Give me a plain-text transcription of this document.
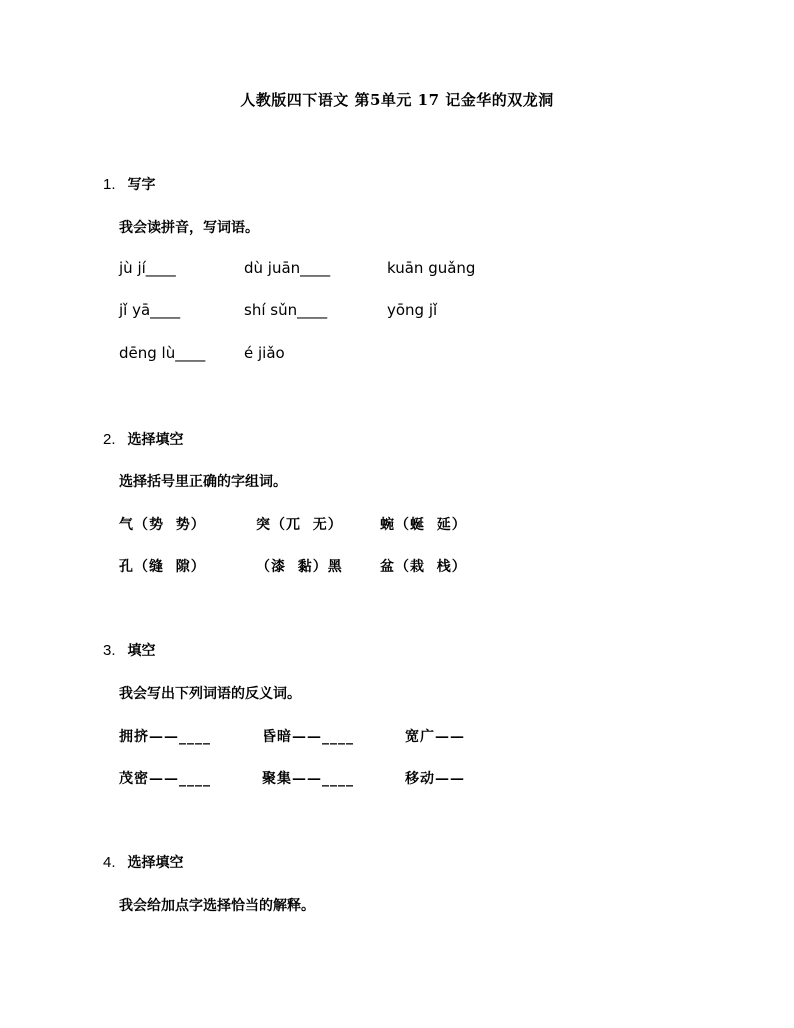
人教版四下语文 第5单元 17 记金华的双龙洞
1. 写字
我会读拼音，写词语。
jù jí____	dù juān____	kuān guǎng
jǐ yā____	shí sǔn____	yōng jǐ
dēng lù____	é jiǎo
2. 选择填空
选择括号里正确的字组词。
气（势  势）	突（兀  无）	蜿（蜒  延）
孔（缝  隙）	（漆  黏）黑	盆（栽  栈）
3. 填空
我会写出下列词语的反义词。
拥挤——____	昏暗——____	宽广——
茂密——____	聚集——____	移动——
4. 选择填空
我会给加点字选择恰当的解释。
